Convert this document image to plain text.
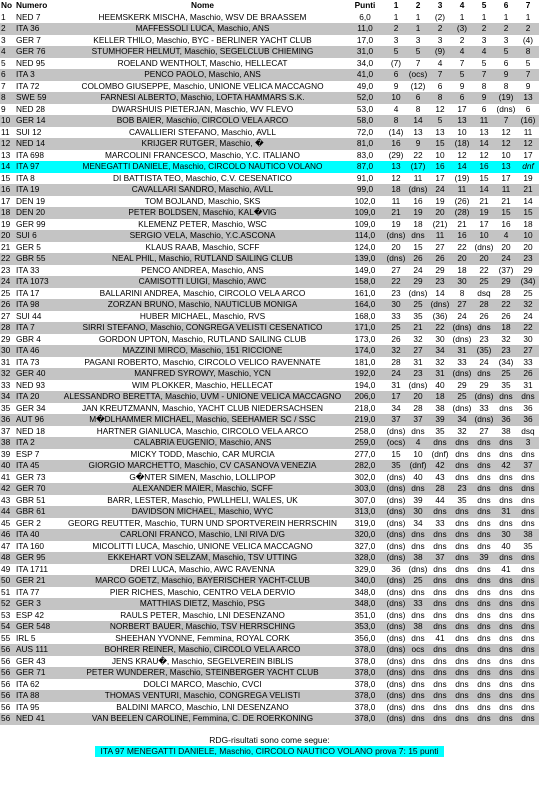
No	Numero	Nome	Punti	1	2	3	4	5	6	7
1	NED 7	HEEMSKERK MISCHA, Maschio, WSV DE BRAASSEM	6,0	1	1	(2)	1	1	1	1
2	ITA 36	MAFFESSOLI LUCA, Maschio, ANS	11,0	2	1	2	(3)	2	2	2
3	GER 7	KELLER THILO, Maschio, BYC - BERLINER YACHT CLUB	17,0	3	3	3	2	3	3	(4)
4	GER 76	STUMHOFER HELMUT, Maschio, SEGELCLUB CHIEMING	31,0	5	5	(9)	4	4	5	8
5	NED 95	ROELAND WENTHOLT, Maschio, HELLECAT	34,0	(7)	7	4	7	5	6	5
6	ITA 3	PENCO PAOLO, Maschio, ANS	41,0	6	(ocs)	7	5	7	9	7
7	ITA 72	COLOMBO GIUSEPPE, Maschio, UNIONE VELICA MACCAGNO	49,0	9	(12)	6	9	8	8	9
8	SWE 59	FARNESI ALBERTO, Maschio, LOFTA HAMMARS S.K.	52,0	10	6	8	6	9	(19)	13
9	NED 28	DWARSHUIS PIETERJAN, Maschio, WV FLEVO	53,0	4	8	12	17	6	(dns)	6
10	GER 14	BOB BAIER, Maschio, CIRCOLO VELA ARCO	58,0	8	14	5	13	11	7	(16)
11	SUI 12	CAVALLIERI STEFANO, Maschio, AVLL	72,0	(14)	13	13	10	13	12	11
12	NED 14	KRIJGER RUTGER, Maschio, �	81,0	16	9	15	(18)	14	12	12
13	ITA 698	MARCOLINI FRANCESCO, Maschio, Y.C. ITALIANO	83,0	(29)	22	10	12	12	10	17
14	ITA 97	MENEGATTI DANIELE, Maschio, CIRCOLO NAUTICO VOLANO	87,0	13	(17)	16	14	16	13	dnf
15	ITA 8	DI BATTISTA TEO, Maschio, C.V. CESENATICO	91,0	12	11	17	(19)	15	17	19
16	ITA 19	CAVALLARI SANDRO, Maschio, AVLL	99,0	18	(dns)	24	11	14	11	21
17	DEN 19	TOM BOJLAND, Maschio, SKS	102,0	11	16	19	(26)	21	21	14
18	DEN 20	PETER BOLDSEN, Maschio, KAL�VIG	109,0	21	19	20	(28)	19	15	15
19	GER 99	KLEMENZ PETER, Maschio, WSC	109,0	19	18	(21)	21	17	16	18
20	SUI 6	SERGIO VELA, Maschio, Y.C.ASCONA	114,0	(dns)	dns	11	16	10	4	10
21	GER 5	KLAUS RAAB, Maschio, SCFF	124,0	20	15	27	22	(dns)	20	20
22	GBR 55	NEAL PHIL, Maschio, RUTLAND SAILING CLUB	139,0	(dns)	26	26	20	20	24	23
23	ITA 33	PENCO ANDREA, Maschio, ANS	149,0	27	24	29	18	22	(37)	29
24	ITA 1073	CAMISOTTI LUIGI, Maschio, AWC	158,0	22	29	23	30	25	29	(34)
25	ITA 17	BALLARINI ANDREA, Maschio, CIRCOLO VELA ARCO	161,0	23	(dns)	14	8	dsq	28	25
26	ITA 98	ZORZAN BRUNO, Maschio, NAUTICLUB MONIGA	164,0	30	25	(dns)	27	28	22	32
27	SUI 44	HUBER MICHAEL, Maschio, RVS	168,0	33	35	(36)	24	26	26	24
28	ITA 7	SIRRI STEFANO, Maschio, CONGREGA VELISTI CESENATICO	171,0	25	21	22	(dns)	dns	18	22
29	GBR 4	GORDON UPTON, Maschio, RUTLAND SAILING CLUB	173,0	26	32	30	(dns)	23	32	30
30	ITA 46	MAZZINI MIRCO, Maschio, 151 RICCIONE	174,0	32	27	34	31	(35)	23	27
31	ITA 73	PAGANI ROBERTO, Maschio, CIRCOLO VELICO RAVENNATE	181,0	28	31	32	33	24	(34)	33
32	GER 40	MANFRED SYROWY, Maschio, YCN	192,0	24	23	31	(dns)	dns	25	26
33	NED 93	WIM PLOKKER, Maschio, HELLECAT	194,0	31	(dns)	40	29	29	35	31
34	ITA 20	ALESSANDRO BERETTA, Maschio, UVM - UNIONE VELICA MACCAGNO	206,0	17	20	18	25	(dns)	dns	dns
35	GER 34	JAN KREUTZMANN, Maschio, YACHT CLUB NIEDERSACHSEN	218,0	34	28	38	(dns)	33	dns	36
36	AUT 96	M�DLHAMMER MICHAEL, Maschio, SEEHAMER SC / SSC	219,0	37	37	39	34	(dns)	36	36
37	NED 18	HARTNER GIANLUCA, Maschio, CIRCOLO VELA ARCO	258,0	(dns)	dns	35	32	27	38	dsq
38	ITA 2	CALABRIA EUGENIO, Maschio, ANS	259,0	(ocs)	4	dns	dns	dns	dns	3
39	ESP 7	MICKY TODD, Maschio, CAR MURCIA	277,0	15	10	(dnf)	dns	dns	dns	dns
40	ITA 45	GIORGIO MARCHETTO, Maschio, CV CASANOVA VENEZIA	282,0	35	(dnf)	42	dns	dns	42	37
41	GER 73	G�NTER SIMEN, Maschio, LOLLIPOP	302,0	(dns)	40	43	dns	dns	dns	dns
42	GER 70	ALEXANDER MAIER, Maschio, SCFF	303,0	(dns)	dns	28	23	dns	dns	dns
43	GBR 51	BARR, LESTER, Maschio, PWLLHELI, WALES, UK	307,0	(dns)	39	44	35	dns	dns	dns
44	GBR 61	DAVIDSON MICHAEL, Maschio, WYC	313,0	(dns)	30	dns	dns	dns	31	dns
45	GER 2	GEORG REUTTER, Maschio, TURN UND SPORTVEREIN HERRSCHIN	319,0	(dns)	34	33	dns	dns	dns	dns
46	ITA 40	CARLONI FRANCO, Maschio, LNI RIVA D/G	320,0	(dns)	dns	dns	dns	dns	30	38
47	ITA 160	MICOLITTI LUCA, Maschio, UNIONE VELICA MACCAGNO	327,0	(dns)	dns	dns	dns	dns	40	35
48	GER 95	EKKEHART VON SELZAM, Maschio, TSV UTTING	328,0	(dns)	38	37	dns	39	dns	dns
49	ITA 1711	DREI LUCA, Maschio, AWC RAVENNA	329,0	36	(dns)	dns	dns	dns	41	dns
50	GER 21	MARCO GOETZ, Maschio, BAYERISCHER YACHT-CLUB	340,0	(dns)	25	dns	dns	dns	dns	dns
51	ITA 77	PIER RICHES, Maschio, CENTRO VELA DERVIO	348,0	(dns)	dns	dns	dns	dns	dns	dns
52	GER 3	MATTHIAS DIETZ, Maschio, PSG	348,0	(dns)	33	dns	dns	dns	dns	dns
53	ESP 42	RAULS PETER, Maschio, LNI DESENZANO	351,0	(dns)	dns	dns	dns	dns	dns	dns
54	GER 548	NORBERT BAUER, Maschio, TSV HERRSCHING	353,0	(dns)	38	dns	dns	dns	dns	dns
55	IRL 5	SHEEHAN YVONNE, Femmina, ROYAL CORK	356,0	(dns)	dns	41	dns	dns	dns	dns
56	AUS 111	BOHRER REINER, Maschio, CIRCOLO VELA ARCO	378,0	(dns)	ocs	dns	dns	dns	dns	dns
56	GER 43	JENS KRAU�, Maschio, SEGELVEREIN BIBLIS	378,0	(dns)	dns	dns	dns	dns	dns	dns
56	GER 71	PETER WUNDERER, Maschio, STEINBERGER YACHT CLUB	378,0	(dns)	dns	dns	dns	dns	dns	dns
56	ITA 62	DOLCI MARCO, Maschio, CVCI	378,0	(dns)	dns	dns	dns	dns	dns	dns
56	ITA 88	THOMAS VENTURI, Maschio, CONGREGA VELISTI	378,0	(dns)	dns	dns	dns	dns	dns	dns
56	ITA 95	BALDINI MARCO, Maschio, LNI DESENZANO	378,0	(dns)	dns	dns	dns	dns	dns	dns
56	NED 41	VAN BEELEN CAROLINE, Femmina, C. DE ROERKONING	378,0	(dns)	dns	dns	dns	dns	dns	dns
RDG-risultati sono come segue:
ITA 97 MENEGATTI DANIELE, Maschio, CIRCOLO NAUTICO VOLANO prova 7: 15 punti
